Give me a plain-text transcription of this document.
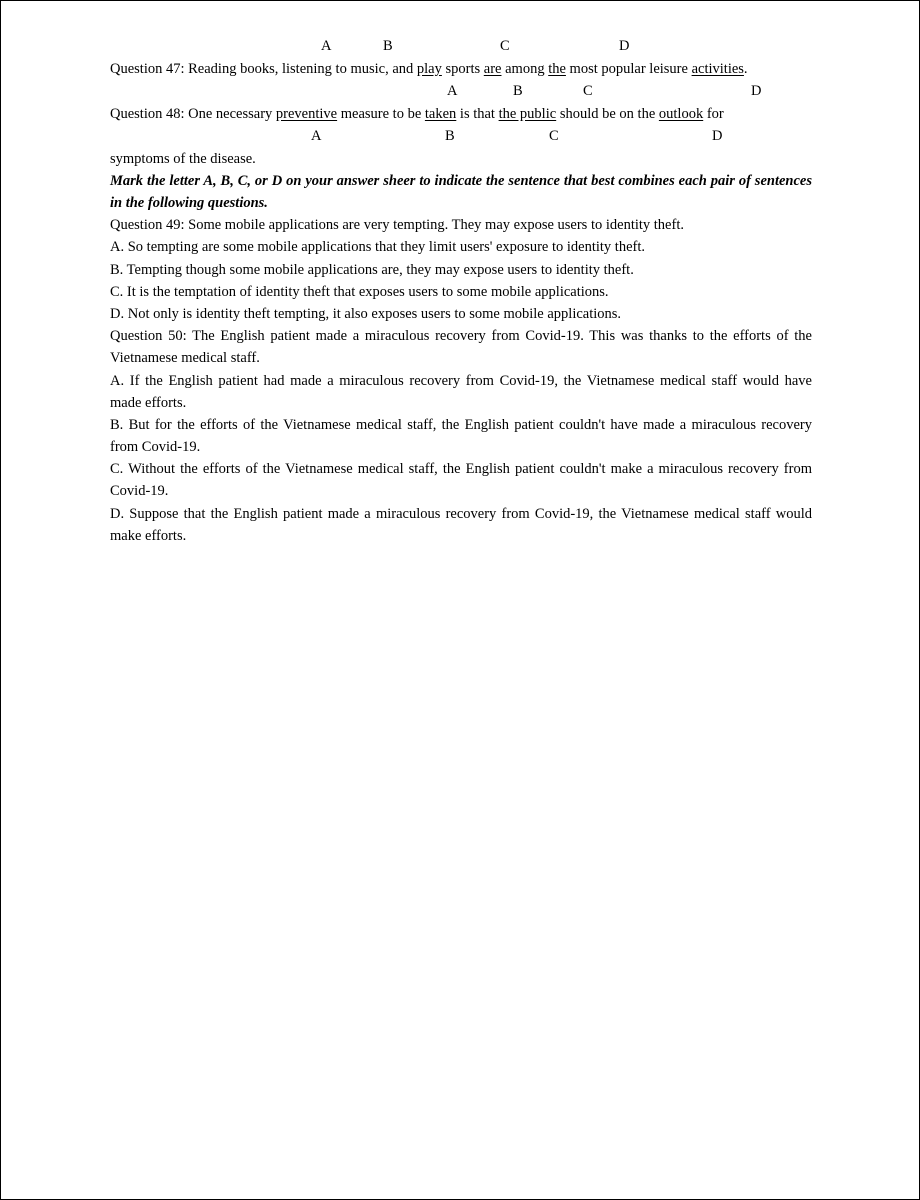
A	B	C	D
A	B	C	D
A	B	C	D
Question 47: Reading books, listening to music, and play sports are among the most popular leisure activities.
Question 48: One necessary preventive measure to be taken is that the public should be on the outlook for
symptoms of the disease.
Mark the letter A, B, C, or D on your answer sheer to indicate the sentence that best combines each pair of sentences in the following questions.
Question 49: Some mobile applications are very tempting. They may expose users to identity theft.
A. So tempting are some mobile applications that they limit users' exposure to identity theft.
B. Tempting though some mobile applications are, they may expose users to identity theft.
C. It is the temptation of identity theft that exposes users to some mobile applications.
D. Not only is identity theft tempting, it also exposes users to some mobile applications.
Question 50: The English patient made a miraculous recovery from Covid-19. This was thanks to the efforts of the Vietnamese medical staff.
A. If the English patient had made a miraculous recovery from Covid-19, the Vietnamese medical staff would have made efforts.
B. But for the efforts of the Vietnamese medical staff, the English patient couldn't have made a miraculous recovery from Covid-19.
C. Without the efforts of the Vietnamese medical staff, the English patient couldn't make a miraculous recovery from Covid-19.
D. Suppose that the English patient made a miraculous recovery from Covid-19, the Vietnamese medical staff would make efforts.
